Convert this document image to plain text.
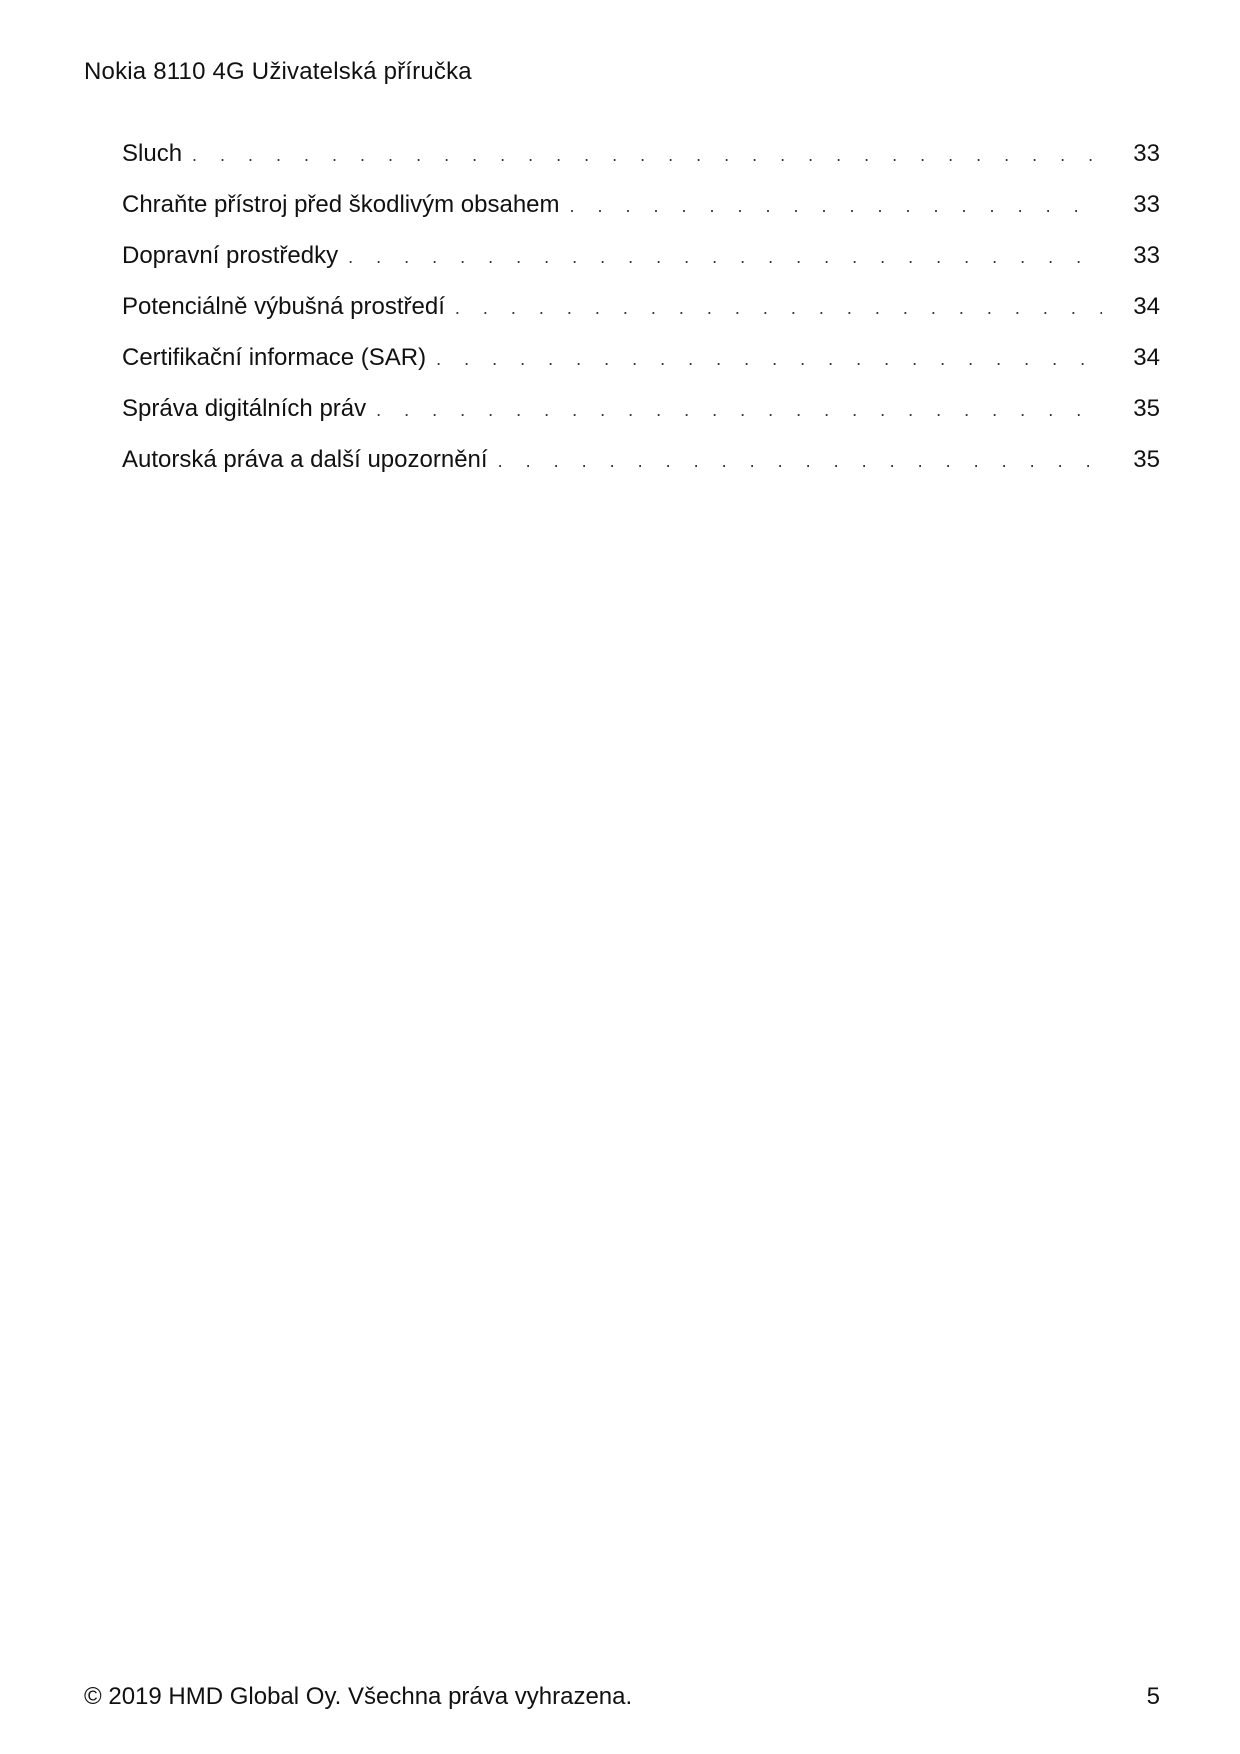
Nokia 8110 4G Uživatelská příručka
Sluch . . .	33
Chraňte přístroj před škodlivým obsahem . . .	33
Dopravní prostředky . . .	33
Potenciálně výbušná prostředí . . .	34
Certifikační informace (SAR) . . .	34
Správa digitálních práv . . .	35
Autorská práva a další upozornění . . .	35
© 2019 HMD Global Oy. Všechna práva vyhrazena.	5
